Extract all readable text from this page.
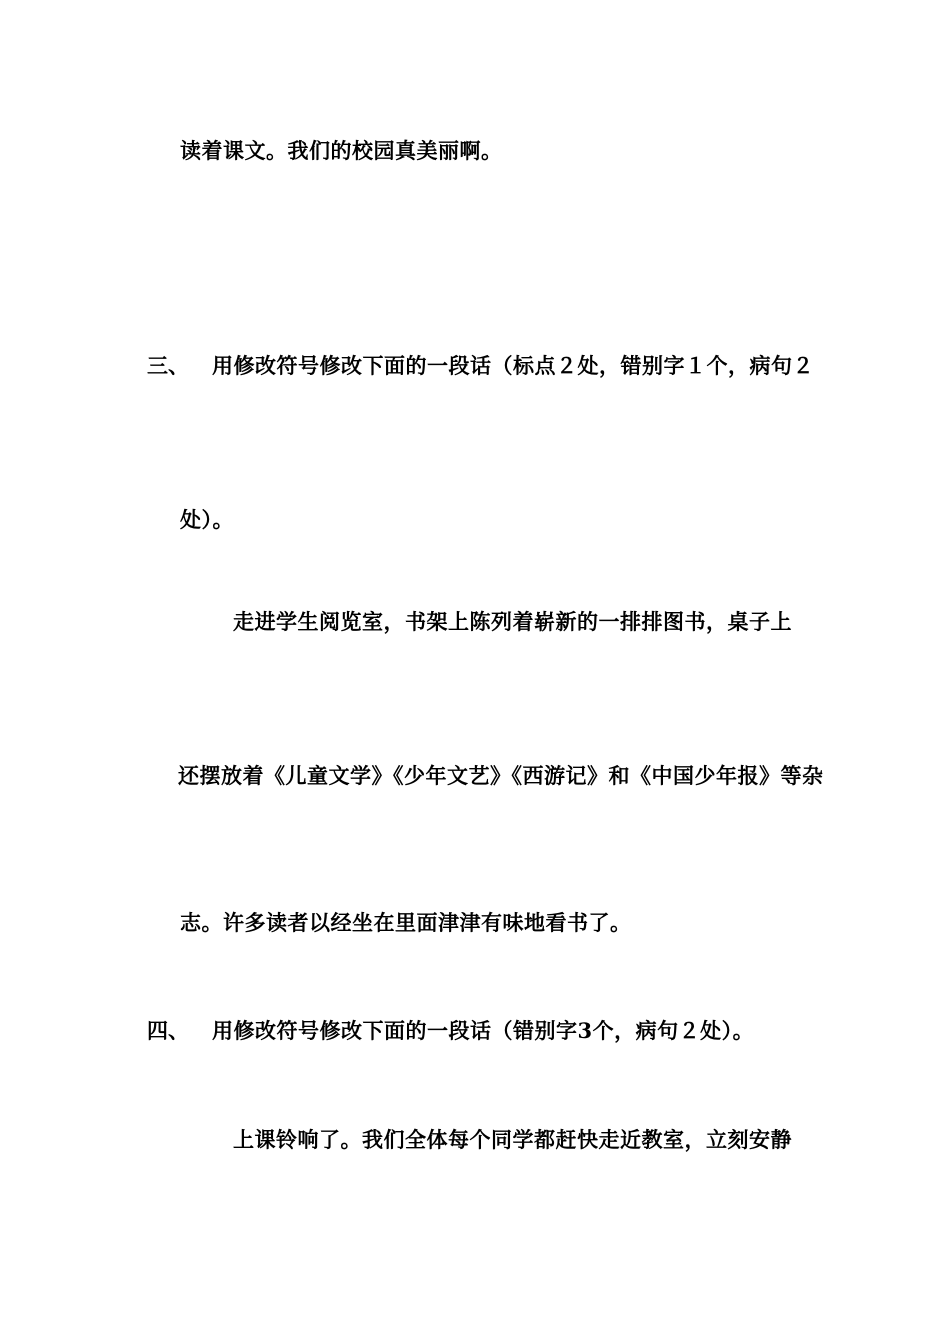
读着课文。我们的校园真美丽啊。
三、 用修改符号修改下面的一段话（标点２处，错别字１个，病句２
处）。
走进学生阅览室，书架上陈列着崭新的一排排图书，桌子上
还摆放着《儿童文学》《少年文艺》《西游记》和《中国少年报》等杂
志。许多读者以经坐在里面津津有味地看书了。
四、 用修改符号修改下面的一段话（错别字3个，病句２处）。
上课铃响了。我们全体每个同学都赶快走近教室，立刻安静
